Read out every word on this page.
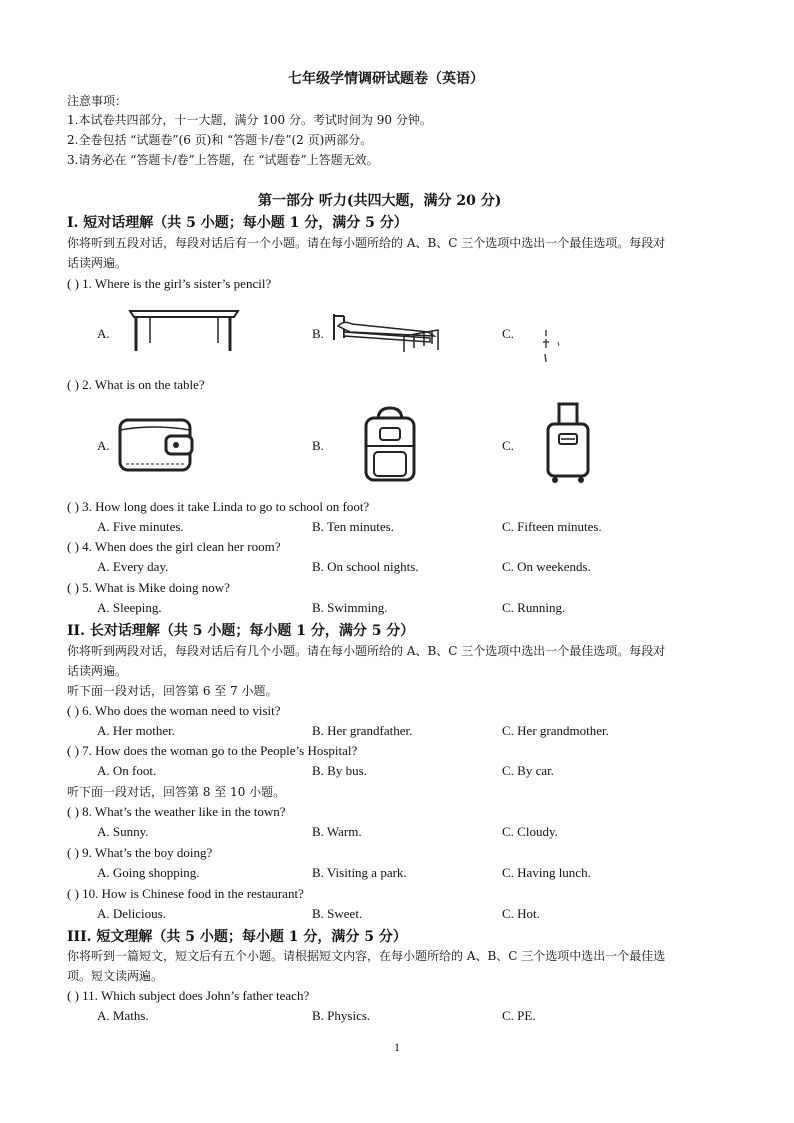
七年级学情调研试题卷（英语）
注意事项：
1.本试卷共四部分，十一大题，满分 100 分。考试时间为 90 分钟。
2.全卷包括 “试题卷”(6 页)和 “答题卡/卷”(2 页)两部分。
3.请务必在 “答题卡/卷”上答题，在 “试题卷”上答题无效。
第一部分 听力(共四大题，满分 20 分)
I. 短对话理解（共 5 小题；每小题 1 分，满分 5 分）
你将听到五段对话，每段对话后有一个小题。请在每小题所给的 A、B、C 三个选项中选出一个最佳选项。每段对
话读两遍。
( ) 1. Where is the girl’s sister’s pencil?
A.	B.	C.
( ) 2. What is on the table?
A.	B.	C.
( ) 3. How long does it take Linda to go to school on foot?
A. Five minutes.	B. Ten minutes.	C. Fifteen minutes.
( ) 4. When does the girl clean her room?
A. Every day.	B. On school nights.	C. On weekends.
( ) 5. What is Mike doing now?
A. Sleeping.	B. Swimming.	C. Running.
II. 长对话理解（共 5 小题；每小题 1 分，满分 5 分）
你将听到两段对话，每段对话后有几个小题。请在每小题所给的 A、B、C 三个选项中选出一个最佳选项。每段对
话读两遍。
听下面一段对话，回答第 6 至 7 小题。
( ) 6. Who does the woman need to visit?
A. Her mother.	B. Her grandfather.	C. Her grandmother.
( ) 7. How does the woman go to the People’s Hospital?
A. On foot.	B. By bus.	C. By car.
听下面一段对话，回答第 8 至 10 小题。
( ) 8. What’s the weather like in the town?
A. Sunny.	B. Warm.	C. Cloudy.
( ) 9. What’s the boy doing?
A. Going shopping.	B. Visiting a park.	C. Having lunch.
( ) 10. How is Chinese food in the restaurant?
A. Delicious.	B. Sweet.	C. Hot.
III. 短文理解（共 5 小题；每小题 1 分，满分 5 分）
你将听到一篇短文，短文后有五个小题。请根据短文内容，在每小题所给的 A、B、C 三个选项中选出一个最佳选
项。短文读两遍。
( ) 11. Which subject does John’s father teach?
A. Maths.	B. Physics.	C. PE.
1
